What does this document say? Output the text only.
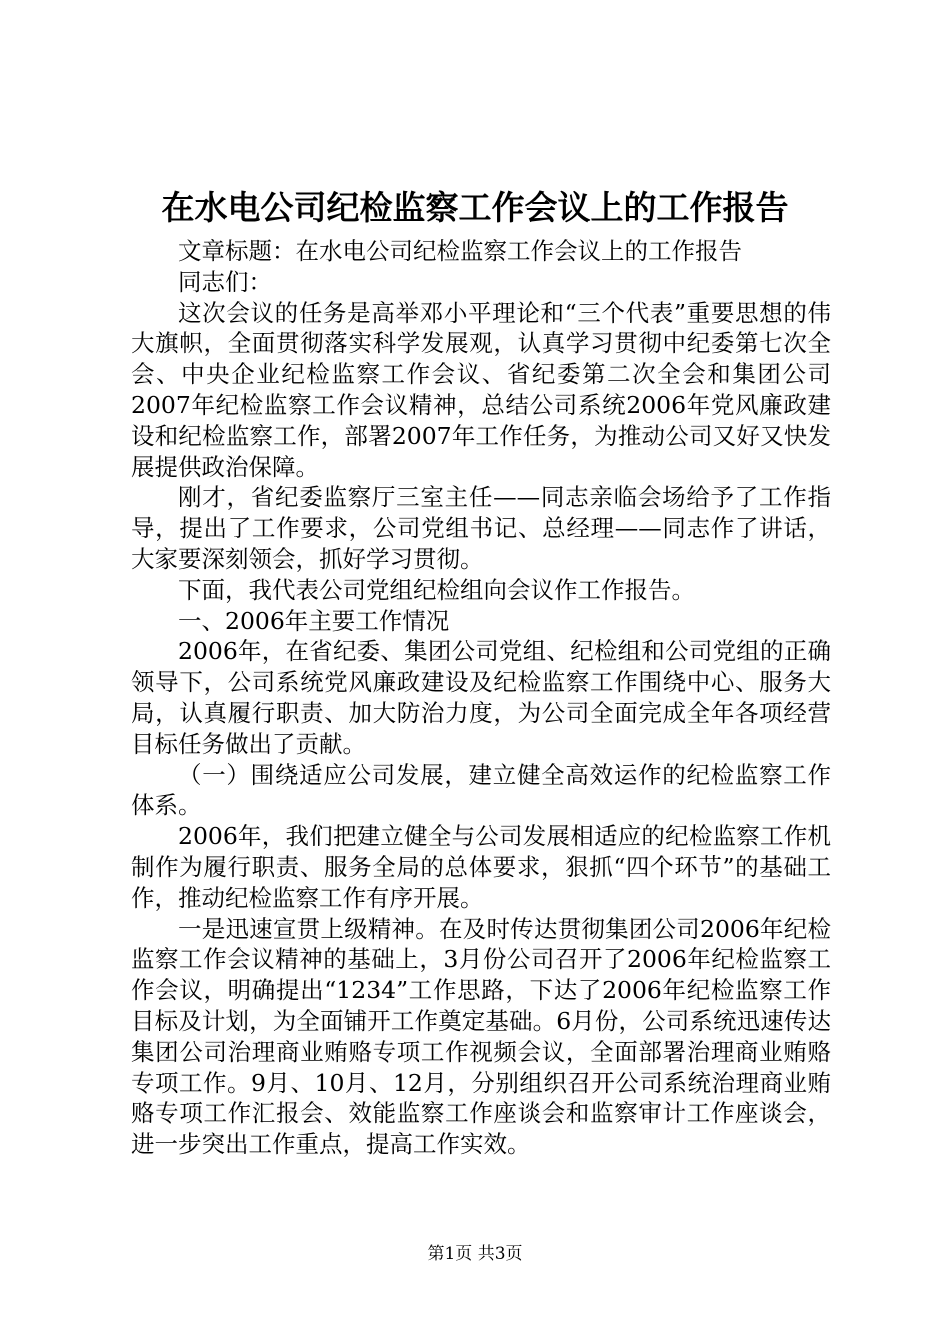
在水电公司纪检监察工作会议上的工作报告

文章标题：在水电公司纪检监察工作会议上的工作报告

同志们：

这次会议的任务是高举邓小平理论和“三个代表”重要思想的伟大旗帜，全面贯彻落实科学发展观，认真学习贯彻中纪委第七次全会、中央企业纪检监察工作会议、省纪委第二次全会和集团公司2007年纪检监察工作会议精神，总结公司系统2006年党风廉政建设和纪检监察工作，部署2007年工作任务，为推动公司又好又快发展提供政治保障。

刚才，省纪委监察厅三室主任——同志亲临会场给予了工作指导，提出了工作要求，公司党组书记、总经理——同志作了讲话，大家要深刻领会，抓好学习贯彻。

下面，我代表公司党组纪检组向会议作工作报告。

一、2006年主要工作情况

2006年，在省纪委、集团公司党组、纪检组和公司党组的正确领导下，公司系统党风廉政建设及纪检监察工作围绕中心、服务大局，认真履行职责、加大防治力度，为公司全面完成全年各项经营目标任务做出了贡献。

（一）围绕适应公司发展，建立健全高效运作的纪检监察工作体系。

2006年，我们把建立健全与公司发展相适应的纪检监察工作机制作为履行职责、服务全局的总体要求，狠抓“四个环节”的基础工作，推动纪检监察工作有序开展。

一是迅速宣贯上级精神。在及时传达贯彻集团公司2006年纪检监察工作会议精神的基础上，3月份公司召开了2006年纪检监察工作会议，明确提出“1234”工作思路，下达了2006年纪检监察工作目标及计划，为全面铺开工作奠定基础。6月份，公司系统迅速传达集团公司治理商业贿赂专项工作视频会议，全面部署治理商业贿赂专项工作。9月、10月、12月，分别组织召开公司系统治理商业贿赂专项工作汇报会、效能监察工作座谈会和监察审计工作座谈会，进一步突出工作重点，提高工作实效。

第1页 共3页
